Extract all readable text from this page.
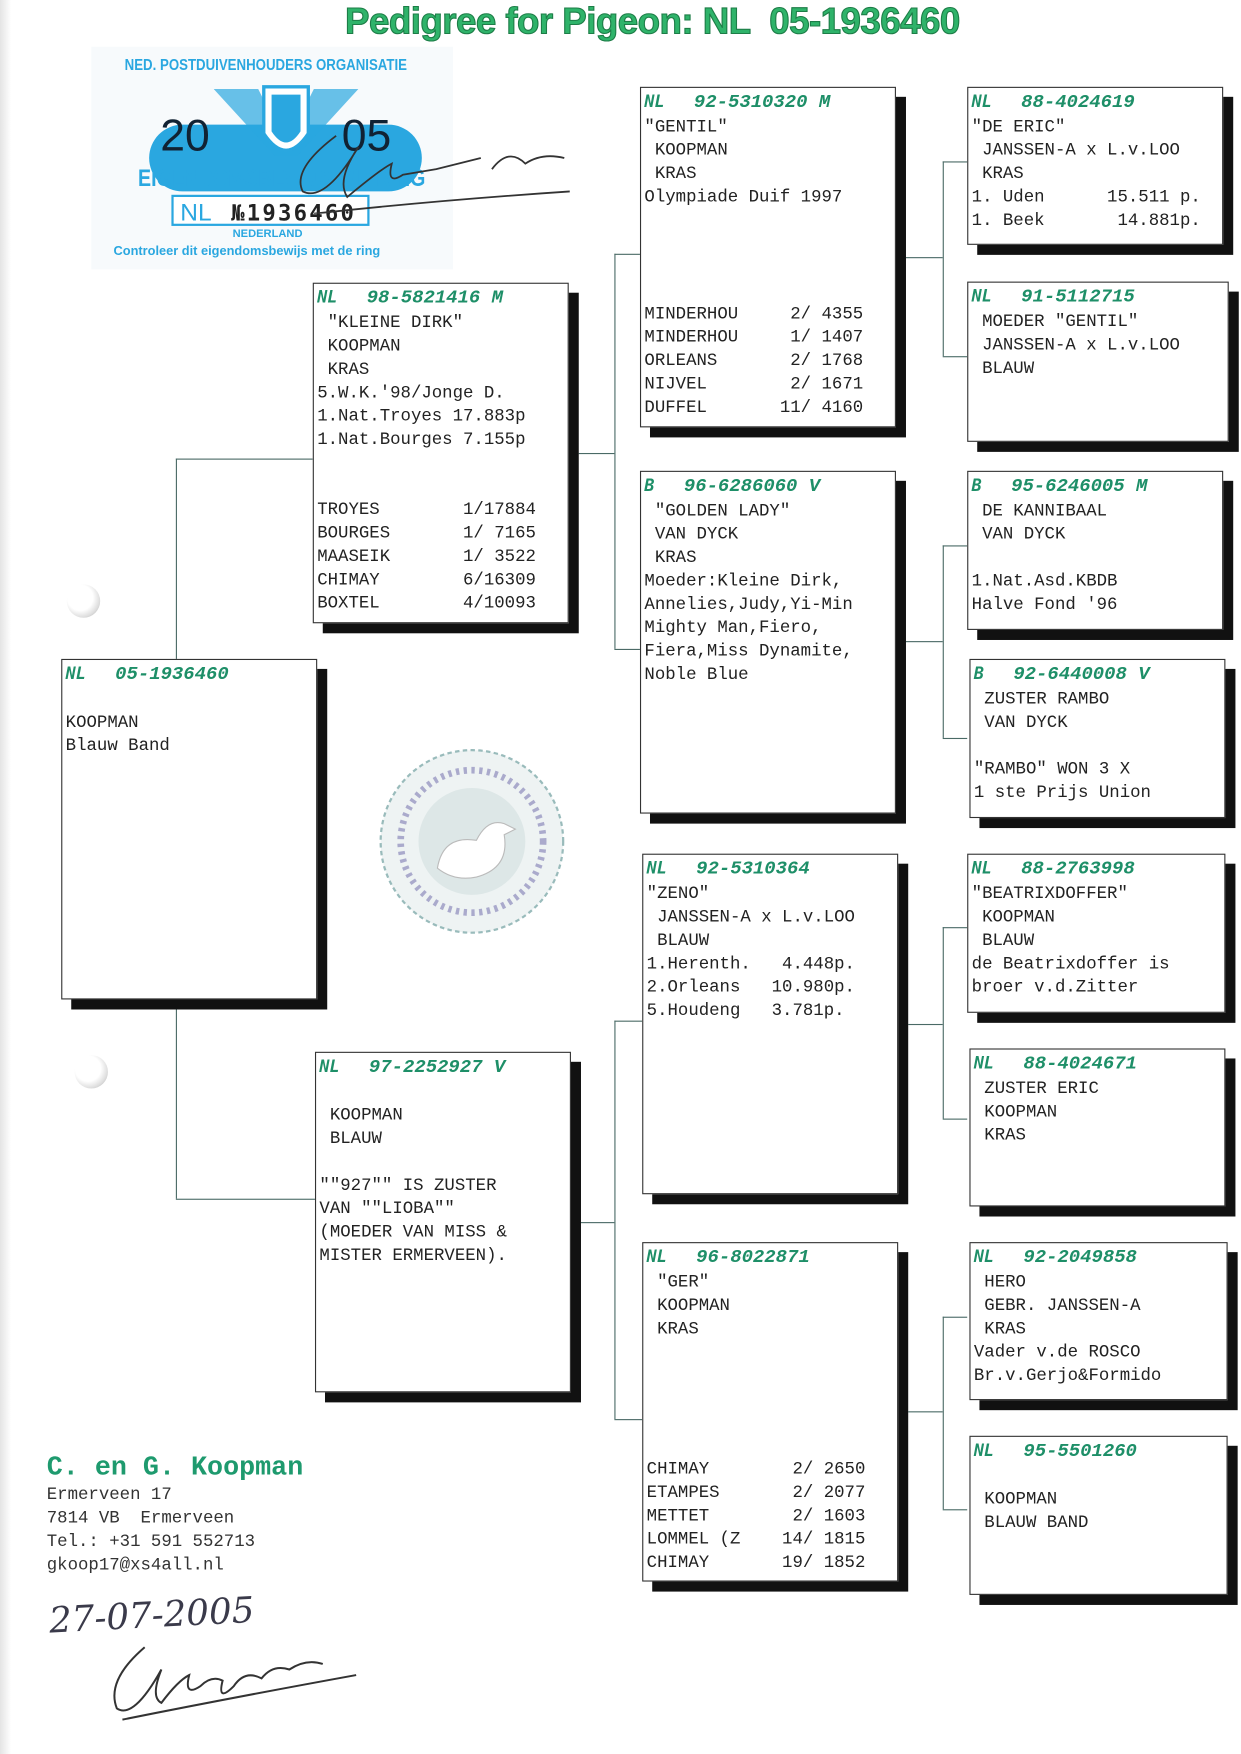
Pedigree for Pigeon: NL  05-1936460
NED. POSTDUIVENHOUDERS ORGANISATIE
20	05
EIGENDOMSBEWIJS V/D RING
NL №1936460
NEDERLAND
Controleer dit eigendomsbewijs met de ring
NL 05-1936460
KOOPMAN
Blauw Band
NL 98-5821416 M
"KLEINE DIRK"
KOOPMAN
KRAS
5.W.K.'98/Jonge D.
1.Nat.Troyes 17.883p
1.Nat.Bourges 7.155p
TROYES        1/17884
BOURGES       1/ 7165
MAASEIK       1/ 3522
CHIMAY        6/16309
BOXTEL        4/10093
NL 97-2252927 V
KOOPMAN
BLAUW
""927"" IS ZUSTER
VAN ""LIOBA""
(MOEDER VAN MISS &
MISTER ERMERVEEN).
NL 92-5310320 M
"GENTIL"
KOOPMAN
KRAS
Olympiade Duif 1997
MINDERHOU     2/ 4355
MINDERHOU     1/ 1407
ORLEANS       2/ 1768
NIJVEL        2/ 1671
DUFFEL       11/ 4160
B 96-6286060 V
"GOLDEN LADY"
VAN DYCK
KRAS
Moeder:Kleine Dirk,
Annelies,Judy,Yi-Min
Mighty Man,Fiero,
Fiera,Miss Dynamite,
Noble Blue
NL 92-5310364
"ZENO"
JANSSEN-A x L.v.LOO
BLAUW
1.Herenth.   4.448p.
2.Orleans   10.980p.
5.Houdeng   3.781p.
NL 96-8022871
"GER"
KOOPMAN
KRAS
CHIMAY        2/ 2650
ETAMPES       2/ 2077
METTET        2/ 1603
LOMMEL (Z    14/ 1815
CHIMAY       19/ 1852
NL 88-4024619
"DE ERIC"
JANSSEN-A x L.v.LOO
KRAS
1. Uden      15.511 p.
1. Beek       14.881p.
NL 91-5112715
MOEDER "GENTIL"
JANSSEN-A x L.v.LOO
BLAUW
B 95-6246005 M
DE KANNIBAAL
VAN DYCK
1.Nat.Asd.KBDB
Halve Fond '96
B 92-6440008 V
ZUSTER RAMBO
VAN DYCK
"RAMBO" WON 3 X
1 ste Prijs Union
NL 88-2763998
"BEATRIXDOFFER"
KOOPMAN
BLAUW
de Beatrixdoffer is
broer v.d.Zitter
NL 88-4024671
ZUSTER ERIC
KOOPMAN
KRAS
NL 92-2049858
HERO
GEBR. JANSSEN-A
KRAS
Vader v.de ROSCO
Br.v.Gerjo&Formido
NL 95-5501260
KOOPMAN
BLAUW BAND
C. en G. Koopman
Ermerveen 17
7814 VB  Ermerveen
Tel.: +31 591 552713
gkoop17@xs4all.nl
27-07-2005
